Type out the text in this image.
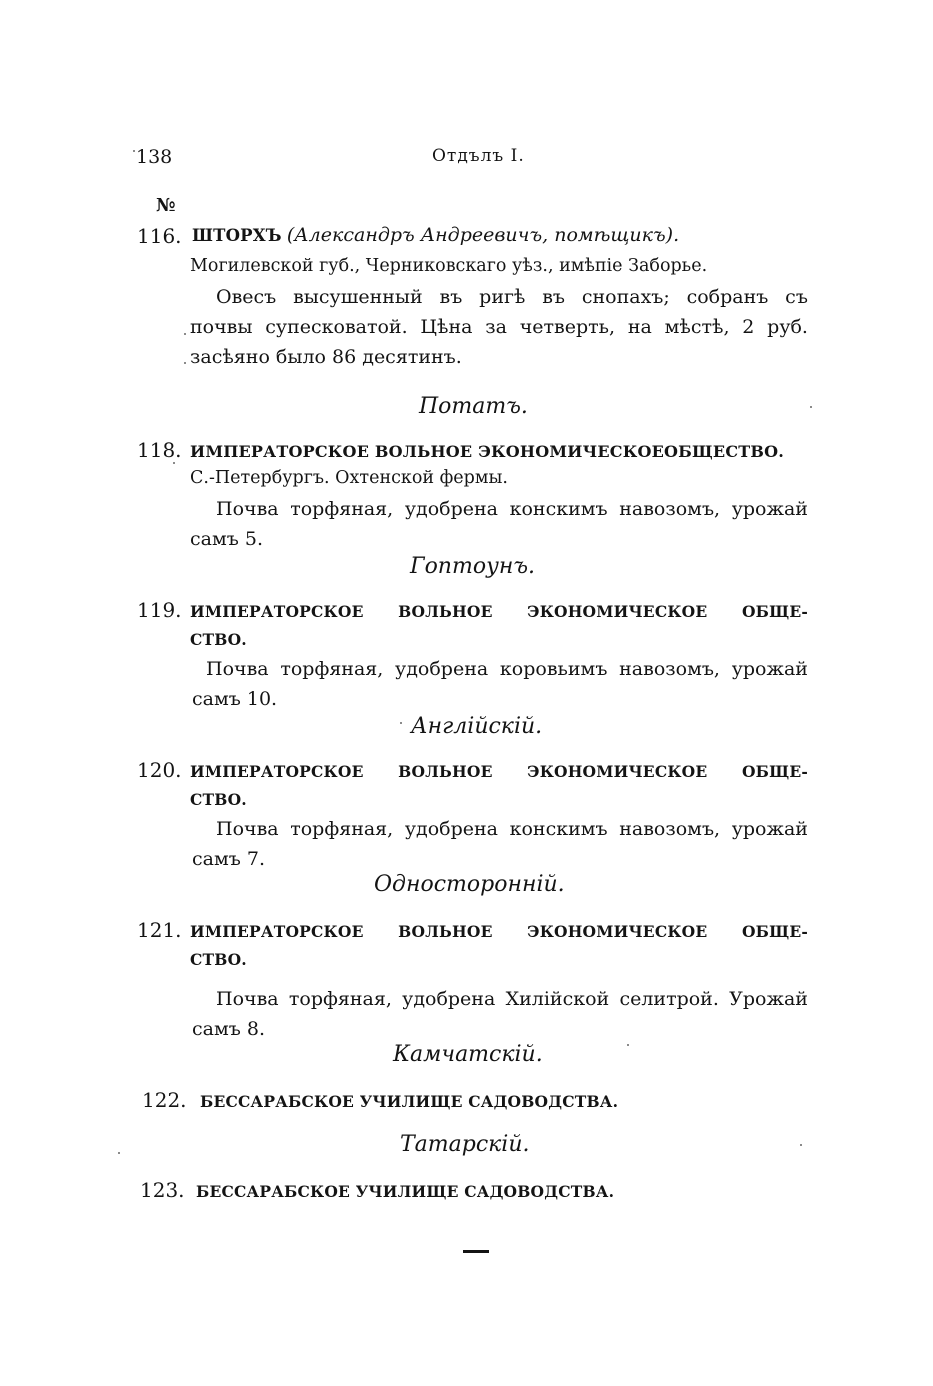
138	Отдълъ I.
№
116. ШТОРХЪ (Александръ Андреевичъ, помѣщикъ).
Могилевской губ., Черниковскаго уѣз., имѣпіе Заборье.
Овесъ высушенный въ ригѣ въ снопахъ; собранъ съ
почвы супесковатой. Цѣна за четверть, на мѣстѣ, 2 руб.
засѣяно было 86 десятинъ.
Потатъ.
118. ИМПЕРАТОРСКОЕ ВОЛЬНОЕ ЭКОНОМИЧЕСКОЕОБЩЕСТВО.
С.-Петербургъ. Охтенской фермы.
Почва торфяная, удобрена конскимъ навозомъ, урожай
самъ 5.
Гоптоунъ.
119. ИМПЕРАТОРСКОЕ ВОЛЬНОЕ ЭКОНОМИЧЕСКОЕ ОБЩЕ-
СТВО.
Почва торфяная, удобрена коровьимъ навозомъ, урожай
самъ 10.
Англійскій.
120. ИМПЕРАТОРСКОЕ ВОЛЬНОЕ ЭКОНОМИЧЕСКОЕ ОБЩЕ-
СТВО.
Почва торфяная, удобрена конскимъ навозомъ, урожай
самъ 7.
Односторонній.
121. ИМПЕРАТОРСКОЕ ВОЛЬНОЕ ЭКОНОМИЧЕСКОЕ ОБЩЕ-
СТВО.
Почва торфяная, удобрена Хилійской селитрой. Урожай
самъ 8.
Камчатскій.
122. БЕССАРАБСКОЕ УЧИЛИЩЕ САДОВОДСТВА.
Татарскій.
123. БЕССАРАБСКОЕ УЧИЛИЩЕ САДОВОДСТВА.
